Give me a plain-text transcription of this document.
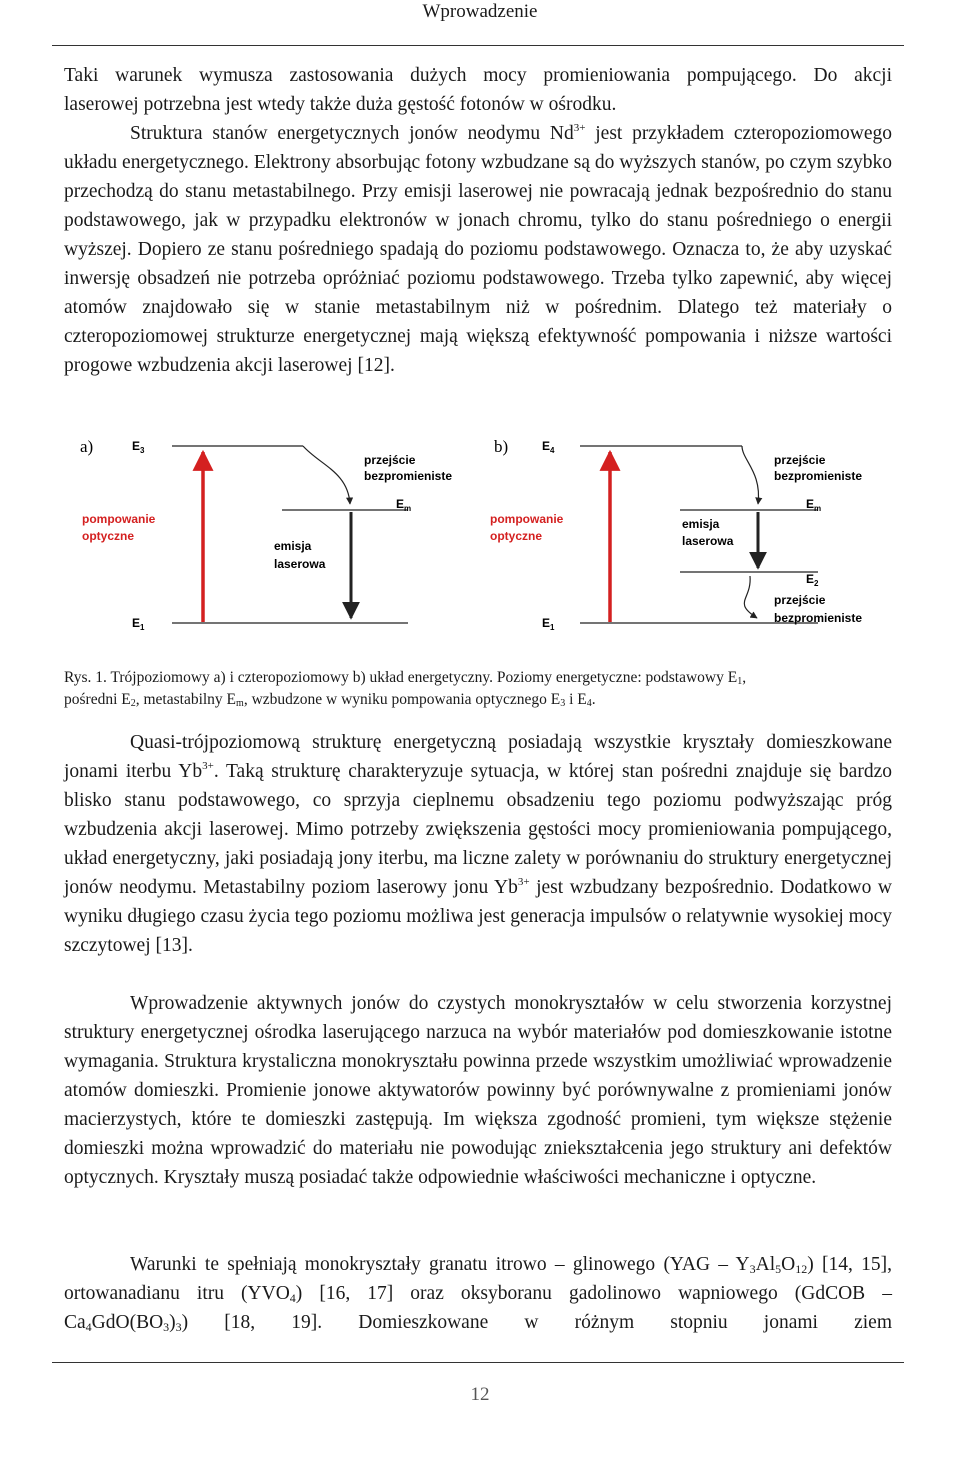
Wprowadzenie

Taki warunek wymusza zastosowania dużych mocy promieniowania pompującego. Do akcji
laserowej potrzebna jest wtedy także duża gęstość fotonów w ośrodku.

Struktura stanów energetycznych jonów neodymu $Nd^{3+}$ jest przykładem czteropoziomowego układu energetycznego. Elektrony absorbując fotony wzbudzane są do wyższych stanów, po czym szybko przechodzą do stanu metastabilnego. Przy emisji laserowej nie powracają jednak bezpośrednio do stanu podstawowego, jak w przypadku elektronów w jonach chromu, tylko do stanu pośredniego o energii wyższej. Dopiero ze stanu pośredniego spadają do poziomu podstawowego. Oznacza to, że aby uzyskać inwersję obsadzeń nie potrzeba opróżniać poziomu podstawowego. Trzeba tylko zapewnić, aby więcej atomów znajdowało się w stanie metastabilnym niż w pośrednim. Dlatego też materiały o czteropoziomowej strukturze energetycznej mają większą efektywność pompowania i niższe wartości progowe wzbudzenia akcji laserowej [12].

a)	$E_3$
$E_m$
$E_1$
pompowanie
optyczne
przejście
bezpromieniste
emisja
laserowa
b)	$E_4$
$E_m$
$E_2$
$E_1$
pompowanie
optyczne
przejście
bezpromieniste
emisja
laserowa
przejście
bezpromieniste

Rys. 1. Trójpoziomowy a) i czteropoziomowy b) układ energetyczny. Poziomy energetyczne: podstawowy $E_1$,
pośredni $E_2$, metastabilny $E_m$, wzbudzone w wyniku pompowania optycznego $E_3$ i $E_4$.

Quasi-trójpoziomową strukturę energetyczną posiadają wszystkie kryształy domieszkowane jonami iterbu $Yb^{3+}$. Taką strukturę charakteryzuje sytuacja, w której stan pośredni znajduje się bardzo blisko stanu podstawowego, co sprzyja cieplnemu obsadzeniu tego poziomu podwyższając próg wzbudzenia akcji laserowej. Mimo potrzeby zwiększenia gęstości mocy promieniowania pompującego, układ energetyczny, jaki posiadają jony iterbu, ma liczne zalety w porównaniu do struktury energetycznej jonów neodymu. Metastabilny poziom laserowy jonu $Yb^{3+}$ jest wzbudzany bezpośrednio. Dodatkowo w wyniku długiego czasu życia tego poziomu możliwa jest generacja impulsów o relatywnie wysokiej mocy szczytowej [13].

Wprowadzenie aktywnych jonów do czystych monokryształów w celu stworzenia korzystnej struktury energetycznej ośrodka laserującego narzuca na wybór materiałów pod domieszkowanie istotne wymagania. Struktura krystaliczna monokryształu powinna przede wszystkim umożliwiać wprowadzenie atomów domieszki. Promienie jonowe aktywatorów powinny być porównywalne z promieniami jonów macierzystych, które te domieszki zastępują. Im większa zgodność promieni, tym większe stężenie domieszki można wprowadzić do materiału nie powodując zniekształcenia jego struktury ani defektów optycznych. Kryształy muszą posiadać także odpowiednie właściwości mechaniczne i optyczne.

Warunki te spełniają monokryształy granatu itrowo – glinowego $(YAG - Y_3Al_5O_{12})$ [14, 15], ortowanadianu itru $(YVO_4)$ [16, 17] oraz oksyboranu gadolinowo wapniowego (GdCOB – $Ca_4GdO(BO_3)_3$) [18, 19]. Domieszkowane w różnym stopniu jonami ziem

12
